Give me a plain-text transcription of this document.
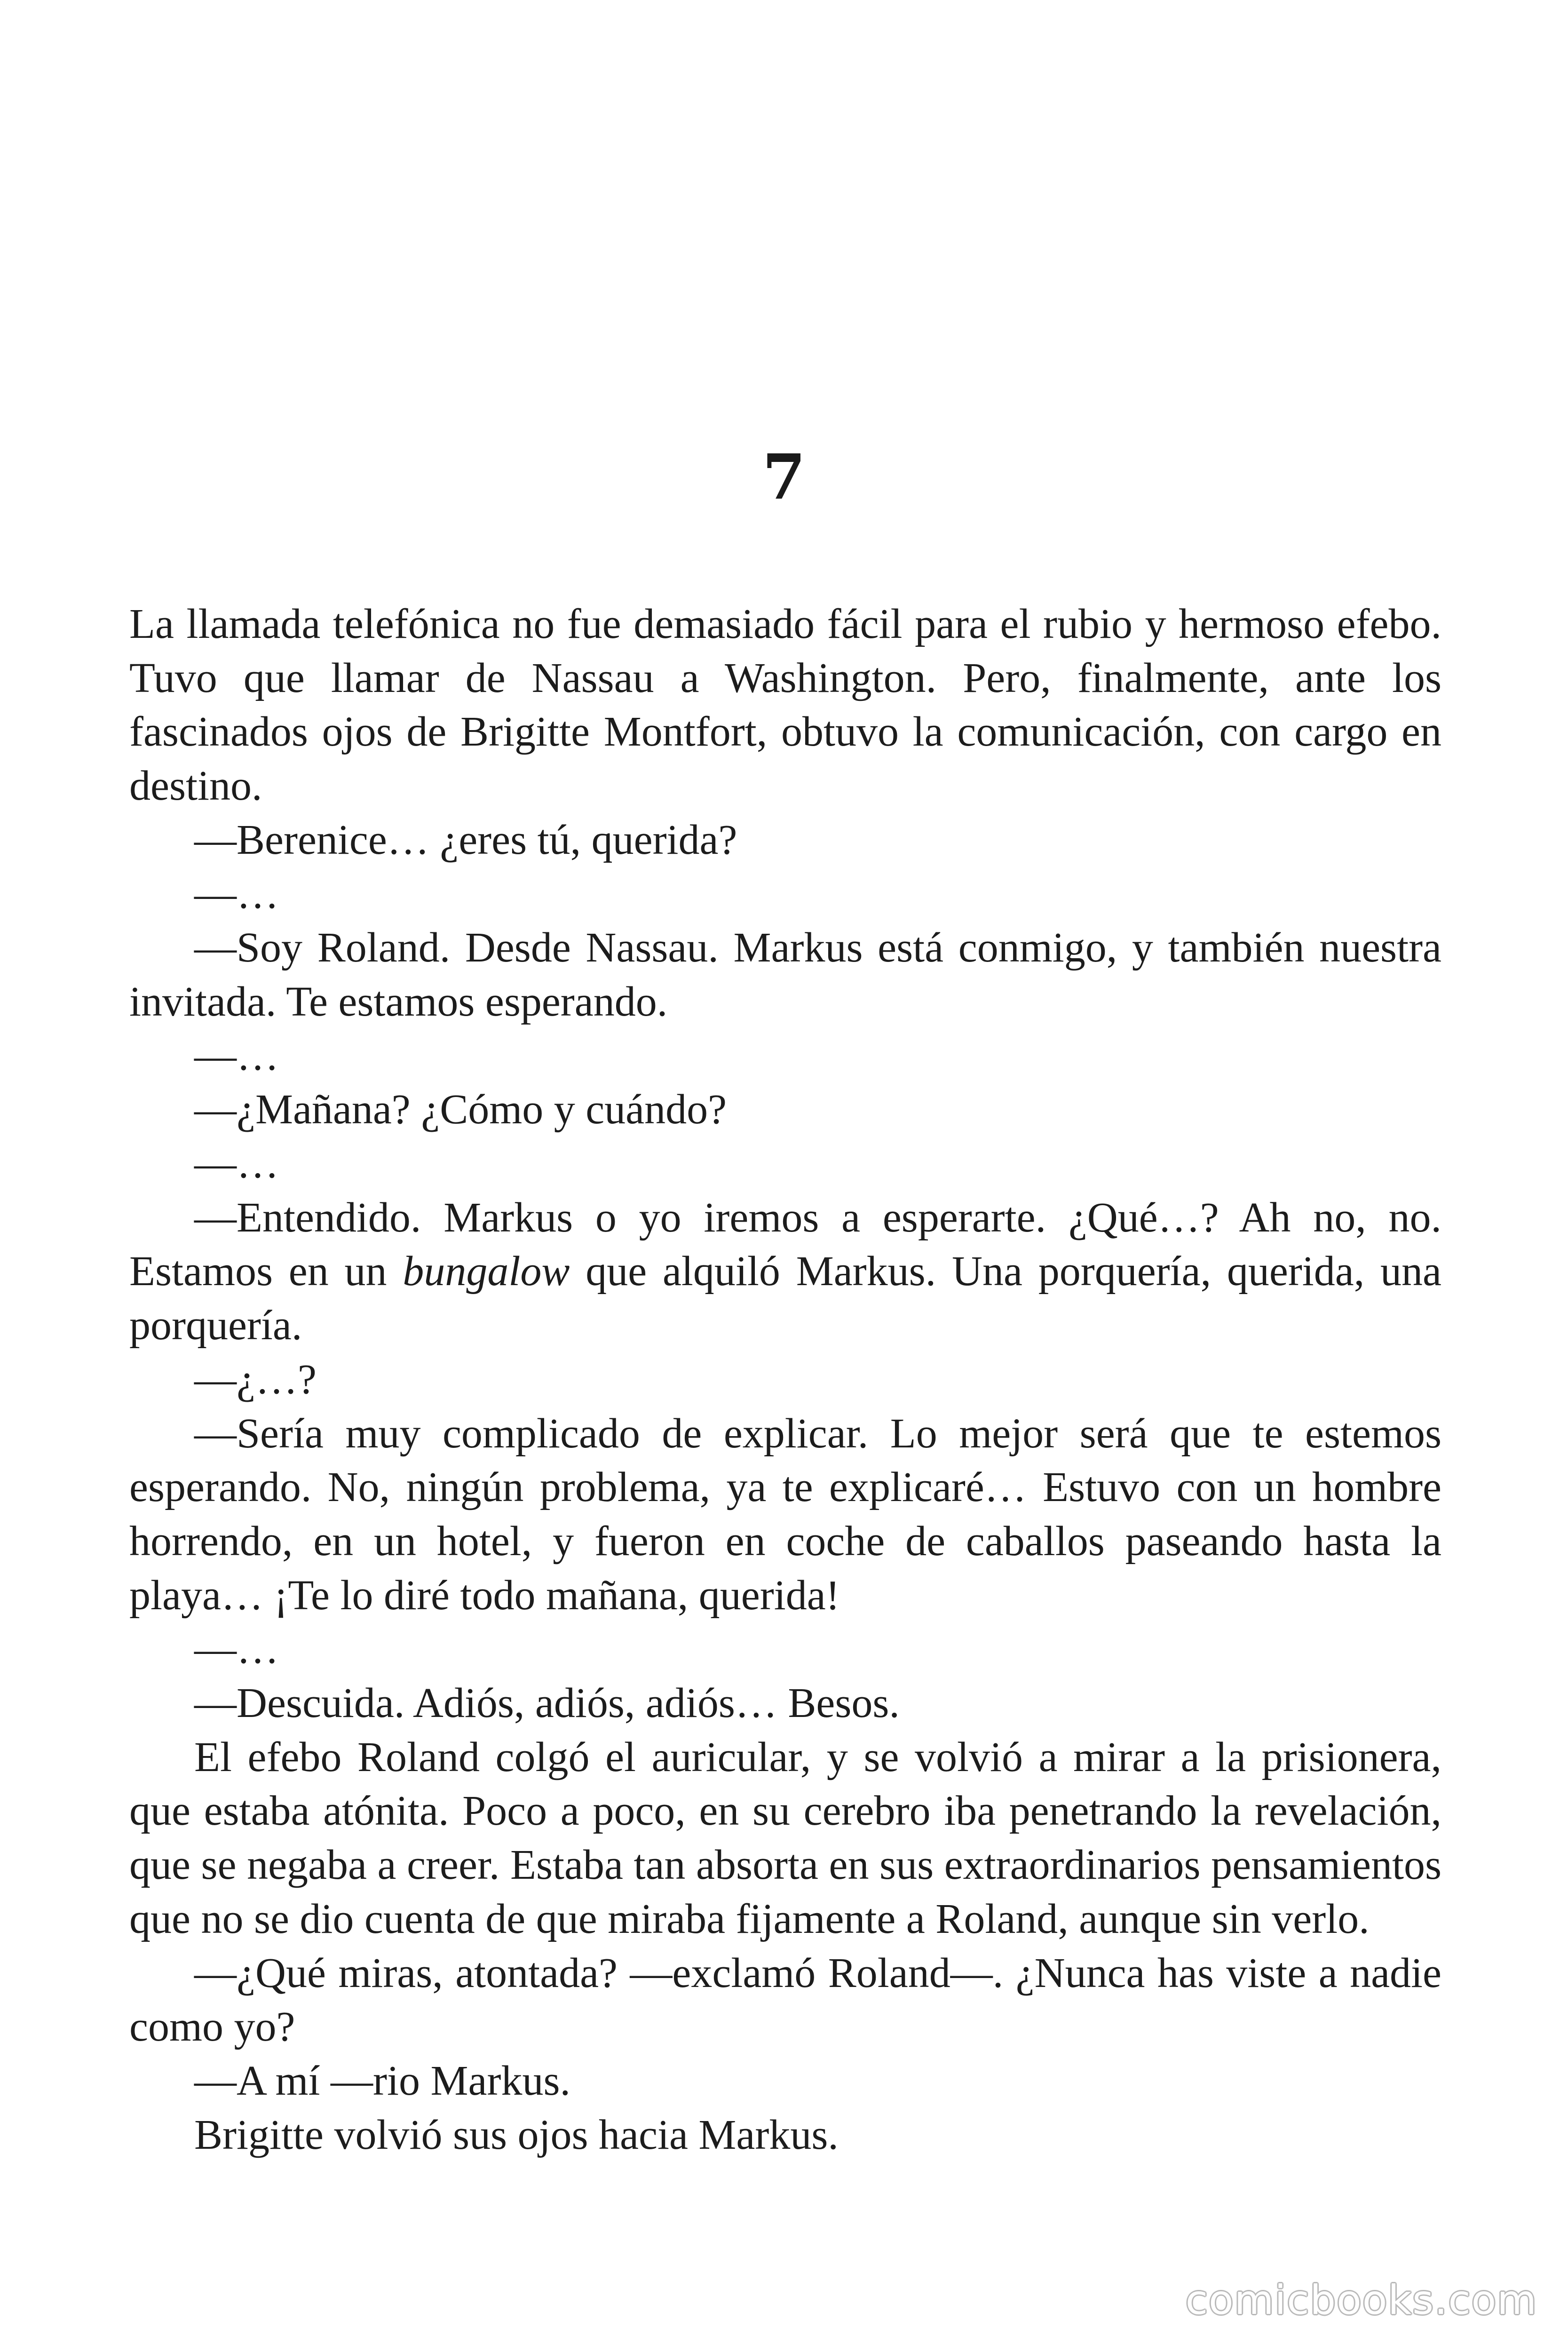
7

La llamada telefónica no fue demasiado fácil para el rubio y hermoso efebo. Tuvo que llamar de Nassau a Washington. Pero, finalmente, ante los fascinados ojos de Brigitte Montfort, obtuvo la comunicación, con cargo en destino.

—Berenice… ¿eres tú, querida?

—…

—Soy Roland. Desde Nassau. Markus está conmigo, y también nuestra invitada. Te estamos esperando.

—…

—¿Mañana? ¿Cómo y cuándo?

—…

—Entendido. Markus o yo iremos a esperarte. ¿Qué…? Ah no, no. Estamos en un bungalow que alquiló Markus. Una porquería, querida, una porquería.

—¿…?

—Sería muy complicado de explicar. Lo mejor será que te estemos esperando. No, ningún problema, ya te explicaré… Estuvo con un hombre horrendo, en un hotel, y fueron en coche de caballos paseando hasta la playa… ¡Te lo diré todo mañana, querida!

—…

—Descuida. Adiós, adiós, adiós… Besos.

El efebo Roland colgó el auricular, y se volvió a mirar a la prisionera, que estaba atónita. Poco a poco, en su cerebro iba penetrando la revelación, que se negaba a creer. Estaba tan absorta en sus extraordinarios pensamientos que no se dio cuenta de que miraba fijamente a Roland, aunque sin verlo.

—¿Qué miras, atontada? —exclamó Roland—. ¿Nunca has viste a nadie como yo?

—A mí —rio Markus.

Brigitte volvió sus ojos hacia Markus.

comicbooks.com
